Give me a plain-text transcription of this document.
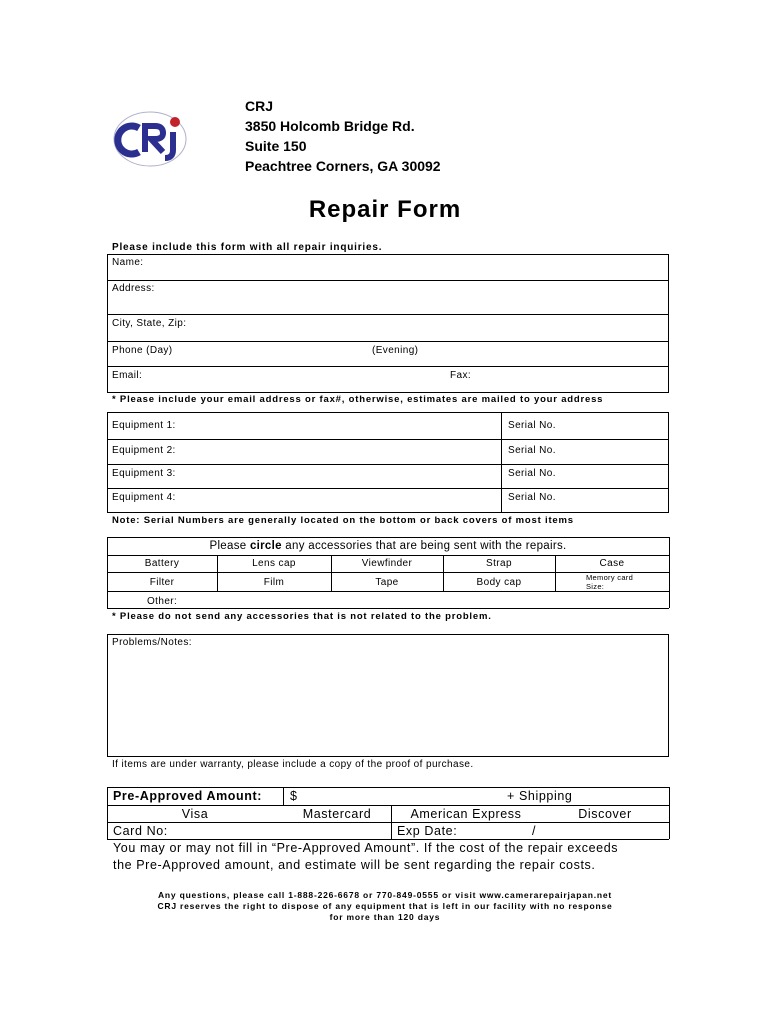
CRJ
3850 Holcomb Bridge Rd.
Suite 150
Peachtree Corners, GA 30092
Repair Form
Please include this form with all repair inquiries.
Name:
Address:
City, State, Zip:
Phone (Day)	(Evening)
Email:	Fax:
* Please include your email address or fax#, otherwise, estimates are mailed to your address
Equipment 1:	Serial No.
Equipment 2:	Serial No.
Equipment 3:	Serial No.
Equipment 4:	Serial No.
Note: Serial Numbers are generally located on the bottom or back covers of most items
Please circle any accessories that are being sent with the repairs.
Battery	Lens cap	Viewfinder	Strap	Case
Filter	Film	Tape	Body cap	Memory card
Size:
Other:
* Please do not send any accessories that is not related to the problem.
Problems/Notes:
If items are under warranty, please include a copy of the proof of purchase.
Pre-Approved Amount: $	+ Shipping
Visa	Mastercard	American Express	Discover
Card No:	Exp Date:	/
You may or may not fill in “Pre-Approved Amount”. If the cost of the repair exceeds
the Pre-Approved amount, and estimate will be sent regarding the repair costs.
Any questions, please call 1-888-226-6678 or 770-849-0555 or visit www.camerarepairjapan.net
CRJ reserves the right to dispose of any equipment that is left in our facility with no response
for more than 120 days
